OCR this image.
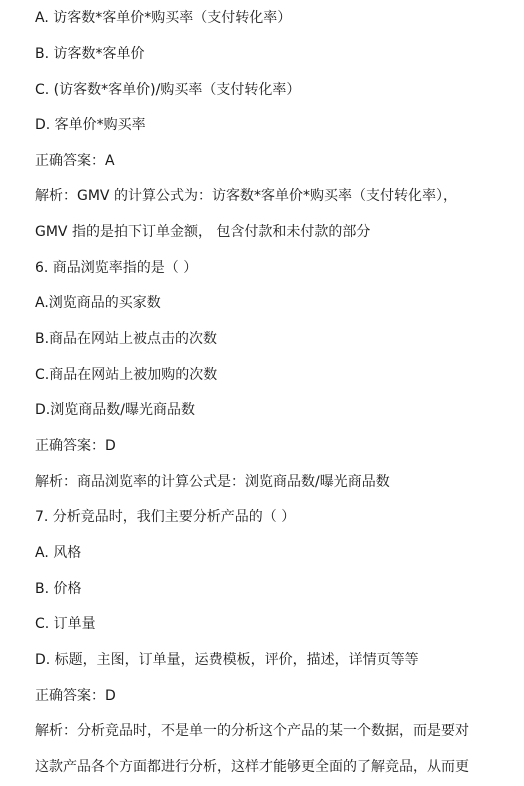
A. 访客数*客单价*购买率（支付转化率）
B. 访客数*客单价
C. (访客数*客单价)/购买率（支付转化率）
D. 客单价*购买率
正确答案：A
解析：GMV 的计算公式为：访客数*客单价*购买率（支付转化率），
GMV 指的是拍下订单金额， 包含付款和未付款的部分
6. 商品浏览率指的是（ ）
A.浏览商品的买家数
B.商品在网站上被点击的次数
C.商品在网站上被加购的次数
D.浏览商品数/曝光商品数
正确答案：D
解析：商品浏览率的计算公式是：浏览商品数/曝光商品数
7. 分析竞品时，我们主要分析产品的（ ）
A. 风格
B. 价格
C. 订单量
D. 标题，主图，订单量，运费模板，评价，描述，详情页等等
正确答案：D
解析：分析竞品时，不是单一的分析这个产品的某一个数据，而是要对
这款产品各个方面都进行分析，这样才能够更全面的了解竞品，从而更
